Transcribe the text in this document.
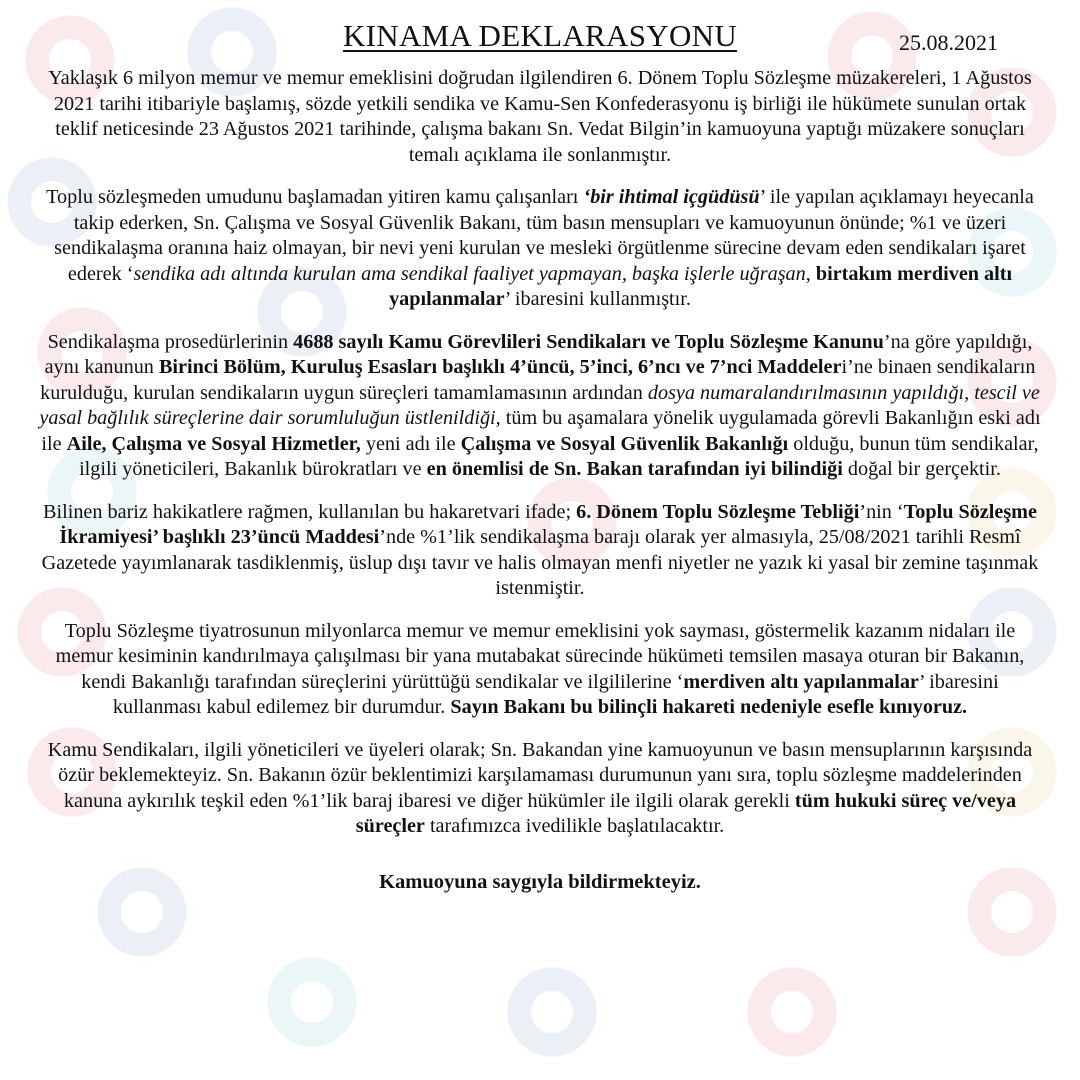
KINAMA DEKLARASYONU	25.08.2021

Yaklaşık 6 milyon memur ve memur emeklisini doğrudan ilgilendiren 6. Dönem Toplu Sözleşme müzakereleri, 1 Ağustos 2021 tarihi itibariyle başlamış, sözde yetkili sendika ve Kamu-Sen Konfederasyonu iş birliği ile hükümete sunulan ortak teklif neticesinde 23 Ağustos 2021 tarihinde, çalışma bakanı Sn. Vedat Bilgin’in kamuoyuna yaptığı müzakere sonuçları temalı açıklama ile sonlanmıştır.

Toplu sözleşmeden umudunu başlamadan yitiren kamu çalışanları ‘bir ihtimal içgüdüsü’ ile yapılan açıklamayı heyecanla takip ederken, Sn. Çalışma ve Sosyal Güvenlik Bakanı, tüm basın mensupları ve kamuoyunun önünde; %1 ve üzeri sendikalaşma oranına haiz olmayan, bir nevi yeni kurulan ve mesleki örgütlenme sürecine devam eden sendikaları işaret ederek ‘sendika adı altında kurulan ama sendikal faaliyet yapmayan, başka işlerle uğraşan, birtakım merdiven altı yapılanmalar’ ibaresini kullanmıştır.

Sendikalaşma prosedürlerinin 4688 sayılı Kamu Görevlileri Sendikaları ve Toplu Sözleşme Kanunu’na göre yapıldığı, aynı kanunun Birinci Bölüm, Kuruluş Esasları başlıklı 4’üncü, 5’inci, 6’ncı ve 7’nci Maddeleri’ne binaen sendikaların kurulduğu, kurulan sendikaların uygun süreçleri tamamlamasının ardından dosya numaralandırılmasının yapıldığı, tescil ve yasal bağlılık süreçlerine dair sorumluluğun üstlenildiği, tüm bu aşamalara yönelik uygulamada görevli Bakanlığın eski adı ile Aile, Çalışma ve Sosyal Hizmetler, yeni adı ile Çalışma ve Sosyal Güvenlik Bakanlığı olduğu, bunun tüm sendikalar, ilgili yöneticileri, Bakanlık bürokratları ve en önemlisi de Sn. Bakan tarafından iyi bilindiği doğal bir gerçektir.

Bilinen bariz hakikatlere rağmen, kullanılan bu hakaretvari ifade; 6. Dönem Toplu Sözleşme Tebliği’nin ‘Toplu Sözleşme İkramiyesi’ başlıklı 23’üncü Maddesi’nde %1’lik sendikalaşma barajı olarak yer almasıyla, 25/08/2021 tarihli Resmî Gazetede yayımlanarak tasdiklenmiş, üslup dışı tavır ve halis olmayan menfi niyetler ne yazık ki yasal bir zemine taşınmak istenmiştir.

Toplu Sözleşme tiyatrosunun milyonlarca memur ve memur emeklisini yok sayması, göstermelik kazanım nidaları ile memur kesiminin kandırılmaya çalışılması bir yana mutabakat sürecinde hükümeti temsilen masaya oturan bir Bakanın, kendi Bakanlığı tarafından süreçlerini yürüttüğü sendikalar ve ilgililerine ‘merdiven altı yapılanmalar’ ibaresini kullanması kabul edilemez bir durumdur. Sayın Bakanı bu bilinçli hakareti nedeniyle esefle kınıyoruz.

Kamu Sendikaları, ilgili yöneticileri ve üyeleri olarak; Sn. Bakandan yine kamuoyunun ve basın mensuplarının karşısında özür beklemekteyiz. Sn. Bakanın özür beklentimizi karşılamaması durumunun yanı sıra, toplu sözleşme maddelerinden kanuna aykırılık teşkil eden %1’lik baraj ibaresi ve diğer hükümler ile ilgili olarak gerekli tüm hukuki süreç ve/veya süreçler tarafımızca ivedilikle başlatılacaktır.

Kamuoyuna saygıyla bildirmekteyiz.
